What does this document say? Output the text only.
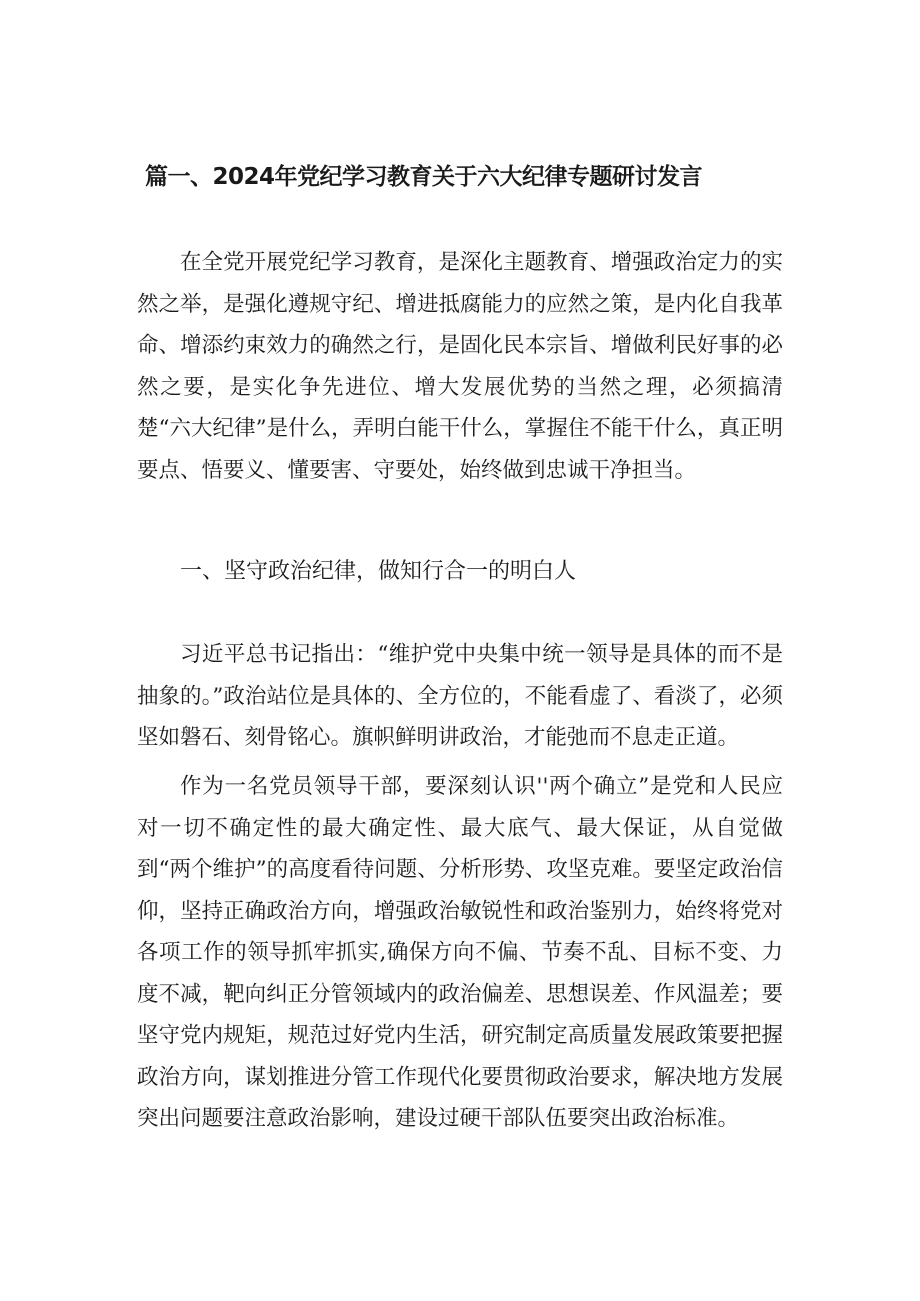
篇一、2024年党纪学习教育关于六大纪律专题研讨发言

在全党开展党纪学习教育，是深化主题教育、增强政治定力的实然之举，是强化遵规守纪、增进抵腐能力的应然之策，是内化自我革命、增添约束效力的确然之行，是固化民本宗旨、增做利民好事的必然之要，是实化争先进位、增大发展优势的当然之理，必须搞清楚“六大纪律”是什么，弄明白能干什么，掌握住不能干什么，真正明要点、悟要义、懂要害、守要处，始终做到忠诚干净担当。

一、坚守政治纪律，做知行合一的明白人

习近平总书记指出：“维护党中央集中统一领导是具体的而不是抽象的。”政治站位是具体的、全方位的，不能看虚了、看淡了，必须坚如磐石、刻骨铭心。旗帜鲜明讲政治，才能弛而不息走正道。

作为一名党员领导干部，要深刻认识''两个确立”是党和人民应对一切不确定性的最大确定性、最大底气、最大保证，从自觉做到“两个维护”的高度看待问题、分析形势、攻坚克难。要坚定政治信仰，坚持正确政治方向，增强政治敏锐性和政治鉴别力，始终将党对各项工作的领导抓牢抓实,确保方向不偏、节奏不乱、目标不变、力度不减，靶向纠正分管领域内的政治偏差、思想误差、作风温差；要坚守党内规矩，规范过好党内生活，研究制定高质量发展政策要把握政治方向，谋划推进分管工作现代化要贯彻政治要求，解决地方发展突出问题要注意政治影响，建设过硬干部队伍要突出政治标准。
